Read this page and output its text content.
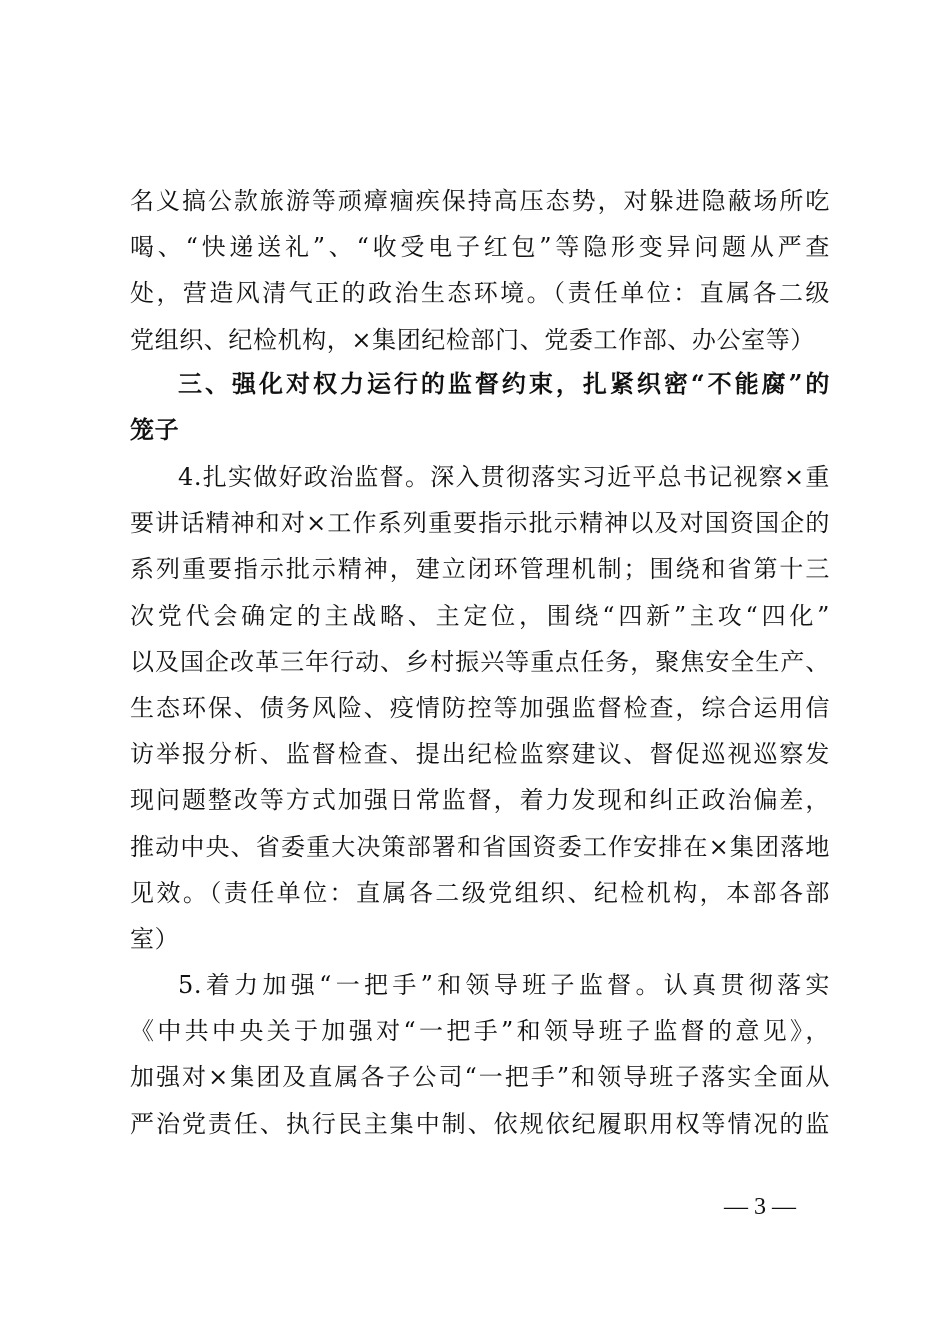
名义搞公款旅游等顽瘴痼疾保持高压态势，对躲进隐蔽场所吃
喝、“快递送礼”、“收受电子红包”等隐形变异问题从严查
处，营造风清气正的政治生态环境。（责任单位：直属各二级
党组织、纪检机构，×集团纪检部门、党委工作部、办公室等）
三、强化对权力运行的监督约束，扎紧织密“不能腐”的
笼子
4.扎实做好政治监督。深入贯彻落实习近平总书记视察×重
要讲话精神和对×工作系列重要指示批示精神以及对国资国企的
系列重要指示批示精神，建立闭环管理机制；围绕和省第十三
次党代会确定的主战略、主定位，围绕“四新”主攻“四化”
以及国企改革三年行动、乡村振兴等重点任务，聚焦安全生产、
生态环保、债务风险、疫情防控等加强监督检查，综合运用信
访举报分析、监督检查、提出纪检监察建议、督促巡视巡察发
现问题整改等方式加强日常监督，着力发现和纠正政治偏差，
推动中央、省委重大决策部署和省国资委工作安排在×集团落地
见效。（责任单位：直属各二级党组织、纪检机构，本部各部
室）
5.着力加强“一把手”和领导班子监督。认真贯彻落实
《中共中央关于加强对“一把手”和领导班子监督的意见》，
加强对×集团及直属各子公司“一把手”和领导班子落实全面从
严治党责任、执行民主集中制、依规依纪履职用权等情况的监
— 3 —
